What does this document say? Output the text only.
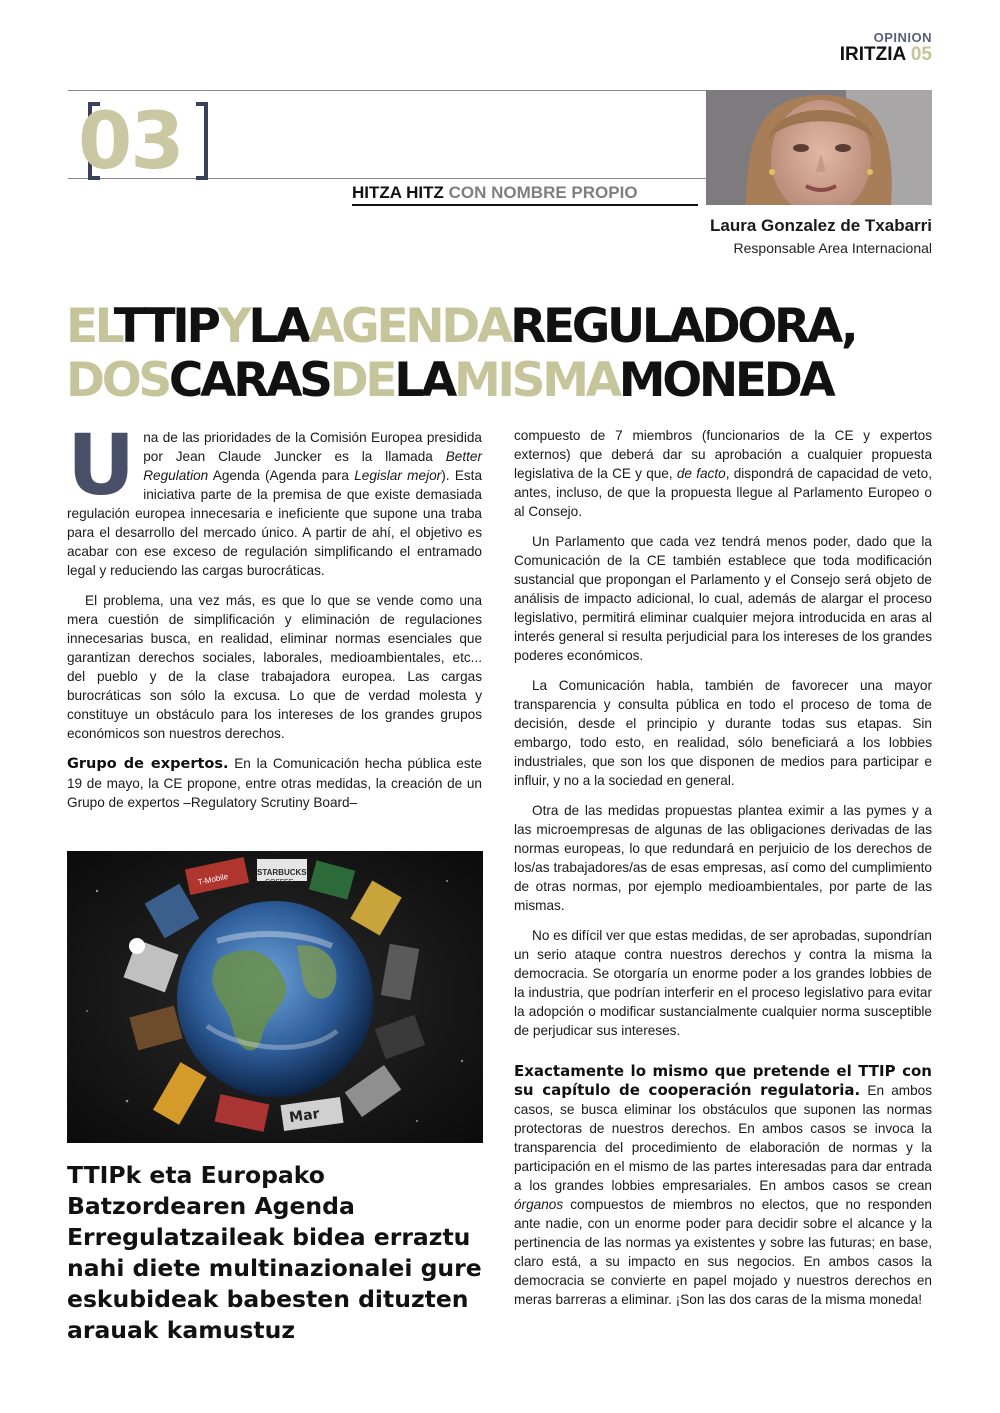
OPINION
IRITZIA 05
03
HITZA HITZ CON NOMBRE PROPIO
Laura Gonzalez de Txabarri
Responsable Area Internacional
ELTTIPYLAAGENDAREGULADORA,
DOSCARASDELAMISMAMONEDA

Una de las prioridades de la Comisión Europea presidida por Jean Claude Juncker es la llamada Better Regulation Agenda (Agenda para Legislar mejor). Esta iniciativa parte de la premisa de que existe demasiada regulación europea innecesaria e ineficiente que supone una traba para el desarrollo del mercado único. A partir de ahí, el objetivo es acabar con ese exceso de regulación simplificando el entramado legal y reduciendo las cargas burocráticas.

El problema, una vez más, es que lo que se vende como una mera cuestión de simplificación y eliminación de regulaciones innecesarias busca, en realidad, eliminar normas esenciales que garantizan derechos sociales, laborales, medioambientales, etc... del pueblo y de la clase trabajadora europea. Las cargas burocráticas son sólo la excusa. Lo que de verdad molesta y constituye un obstáculo para los intereses de los grandes grupos económicos son nuestros derechos.

Grupo de expertos. En la Comunicación hecha pública este 19 de mayo, la CE propone, entre otras medidas, la creación de un Grupo de expertos –Regulatory Scrutiny Board–

STARBUCKS
COFFEE
T-Mobile
Mar
TTIPk eta Europako Batzordearen Agenda Erregulatzaileak bidea erraztu nahi diete multinazionalei gure eskubideak babesten dituzten arauak kamustuz

compuesto de 7 miembros (funcionarios de la CE y expertos externos) que deberá dar su aprobación a cualquier propuesta legislativa de la CE y que, de facto, dispondrá de capacidad de veto, antes, incluso, de que la propuesta llegue al Parlamento Europeo o al Consejo.

Un Parlamento que cada vez tendrá menos poder, dado que la Comunicación de la CE también establece que toda modificación sustancial que propongan el Parlamento y el Consejo será objeto de análisis de impacto adicional, lo cual, además de alargar el proceso legislativo, permitirá eliminar cualquier mejora introducida en aras al interés general si resulta perjudicial para los intereses de los grandes poderes económicos.

La Comunicación habla, también de favorecer una mayor transparencia y consulta pública en todo el proceso de toma de decisión, desde el principio y durante todas sus etapas. Sin embargo, todo esto, en realidad, sólo beneficiará a los lobbies industriales, que son los que disponen de medios para participar e influir, y no a la sociedad en general.

Otra de las medidas propuestas plantea eximir a las pymes y a las microempresas de algunas de las obligaciones derivadas de las normas europeas, lo que redundará en perjuicio de los derechos de los/as trabajadores/as de esas empresas, así como del cumplimiento de otras normas, por ejemplo medioambientales, por parte de las mismas.

No es difícil ver que estas medidas, de ser aprobadas, supondrían un serio ataque contra nuestros derechos y contra la misma la democracia. Se otorgaría un enorme poder a los grandes lobbies de la industria, que podrían interferir en el proceso legislativo para evitar la adopción o modificar sustancialmente cualquier norma susceptible de perjudicar sus intereses.

Exactamente lo mismo que pretende el TTIP con su capítulo de cooperación regulatoria. En ambos casos, se busca eliminar los obstáculos que suponen las normas protectoras de nuestros derechos. En ambos casos se invoca la transparencia del procedimiento de elaboración de normas y la participación en el mismo de las partes interesadas para dar entrada a los grandes lobbies empresariales. En ambos casos se crean órganos compuestos de miembros no electos, que no responden ante nadie, con un enorme poder para decidir sobre el alcance y la pertinencia de las normas ya existentes y sobre las futuras; en base, claro está, a su impacto en sus negocios. En ambos casos la democracia se convierte en papel mojado y nuestros derechos en meras barreras a eliminar. ¡Son las dos caras de la misma moneda!
